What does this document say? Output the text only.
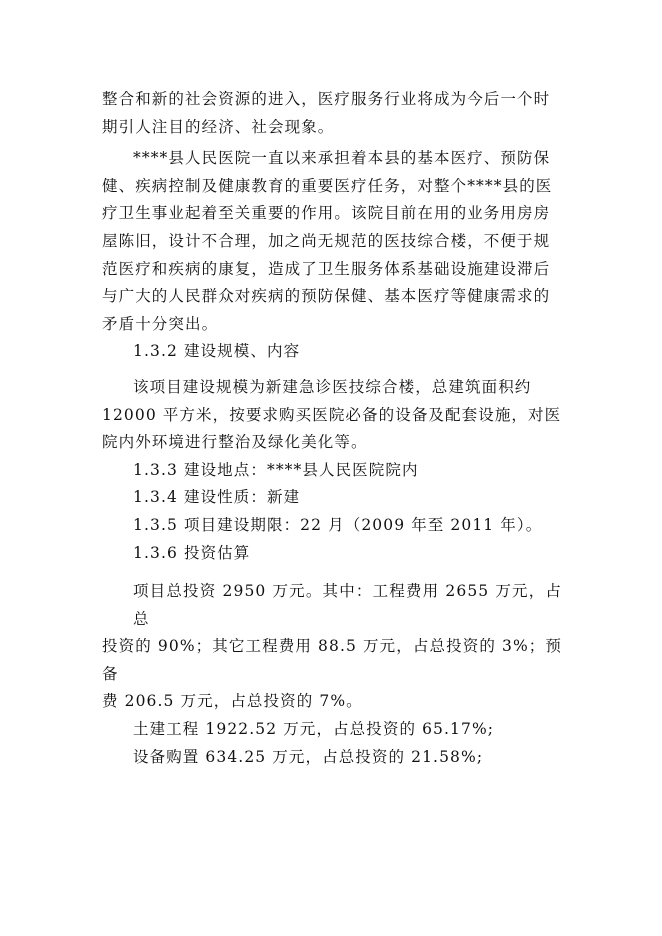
整合和新的社会资源的进入，医疗服务行业将成为今后一个时
期引人注目的经济、社会现象。

****县人民医院一直以来承担着本县的基本医疗、预防保
健、疾病控制及健康教育的重要医疗任务，对整个****县的医
疗卫生事业起着至关重要的作用。该院目前在用的业务用房房
屋陈旧，设计不合理，加之尚无规范的医技综合楼，不便于规
范医疗和疾病的康复，造成了卫生服务体系基础设施建设滞后
与广大的人民群众对疾病的预防保健、基本医疗等健康需求的
矛盾十分突出。

1.3.2 建设规模、内容

该项目建设规模为新建急诊医技综合楼，总建筑面积约
12000 平方米，按要求购买医院必备的设备及配套设施，对医
院内外环境进行整治及绿化美化等。

1.3.3 建设地点：****县人民医院院内

1.3.4 建设性质：新建

1.3.5 项目建设期限：22 月（2009 年至 2011 年）。

1.3.6 投资估算

项目总投资 2950 万元。其中：工程费用 2655 万元，占总
投资的 90%；其它工程费用 88.5 万元，占总投资的 3%；预备
费 206.5 万元，占总投资的 7%。

土建工程 1922.52 万元，占总投资的 65.17%;

设备购置 634.25 万元，占总投资的 21.58%;
